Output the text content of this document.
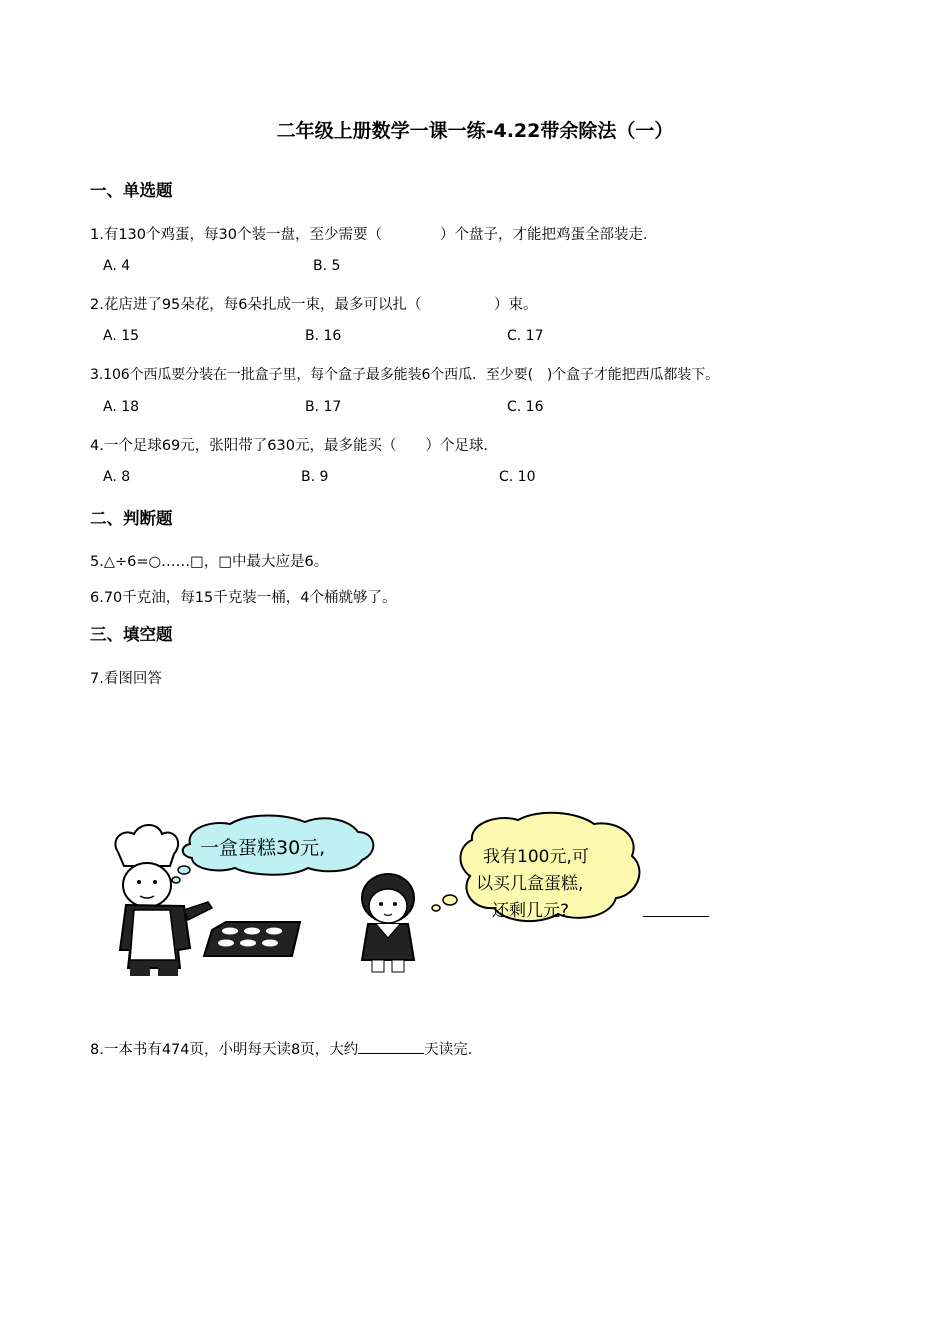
二年级上册数学一课一练-4.22带余除法（一）
一、单选题
1.有130个鸡蛋，每30个装一盘，至少需要（　　　　）个盘子，才能把鸡蛋全部装走．
A. 4	B. 5
2.花店进了95朵花，每6朵扎成一束，最多可以扎（　　　　　）束。
A. 15	B. 16	C. 17
3.106个西瓜要分装在一批盒子里，每个盒子最多能装6个西瓜．至少要(　)个盒子才能把西瓜都装下。
A. 18	B. 17	C. 16
4.一个足球69元，张阳带了630元，最多能买（　　）个足球．
A. 8	B. 9	C. 10
二、判断题
5.△÷6=○……□，□中最大应是6。
6.70千克油，每15千克装一桶，4个桶就够了。
三、填空题
7.看图回答
一盒蛋糕30元,	我有100元,可
以买几盒蛋糕,
还剩几元?
8.一本书有474页，小明每天读8页，大约	天读完．
